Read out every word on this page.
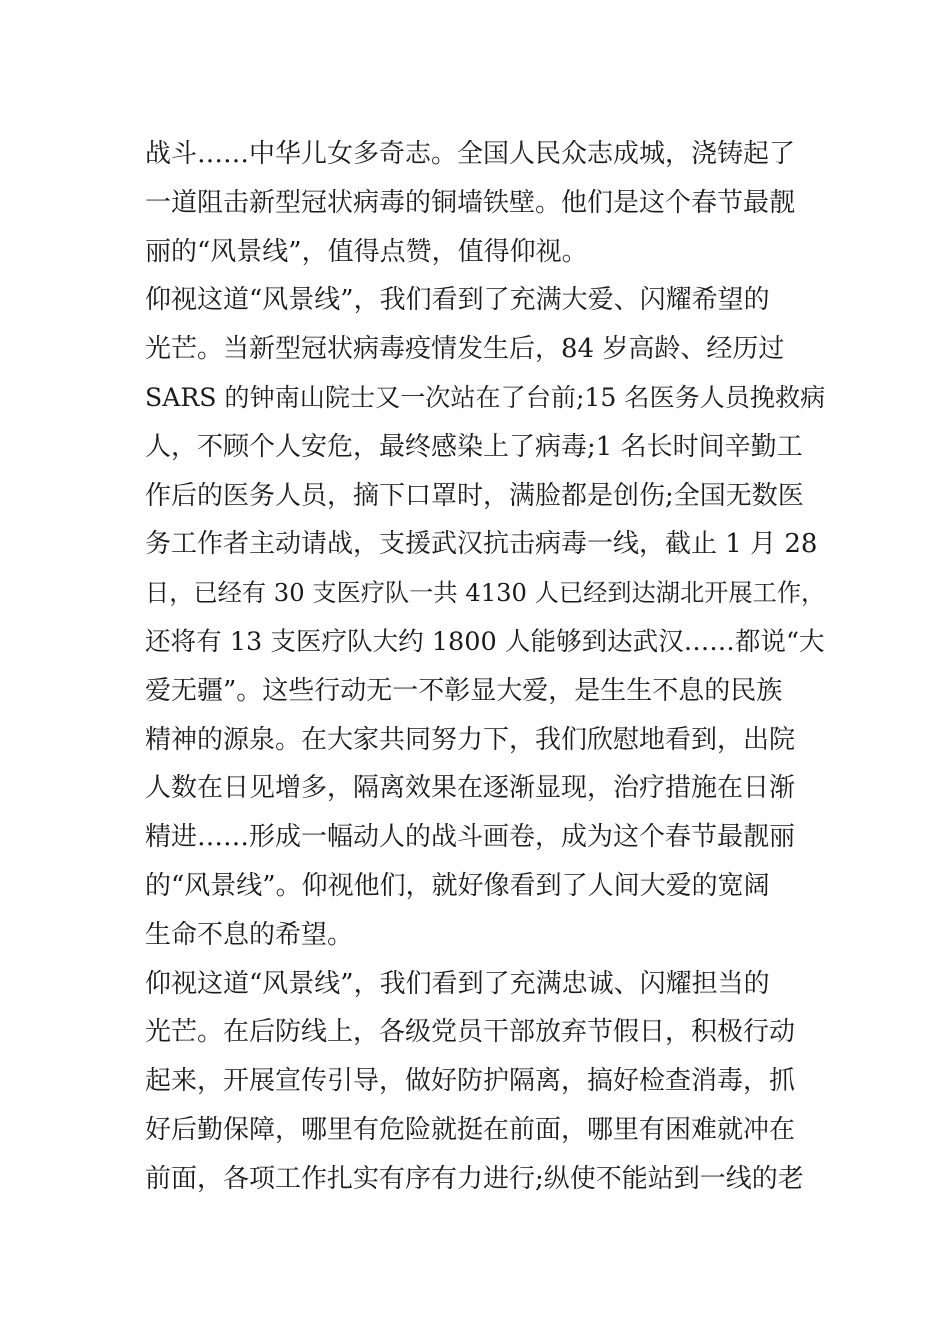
战斗……中华儿女多奇志。全国人民众志成城，浇铸起了
一道阻击新型冠状病毒的铜墙铁壁。他们是这个春节最靓
丽的“风景线”，值得点赞，值得仰视。
仰视这道“风景线”，我们看到了充满大爱、闪耀希望的
光芒。当新型冠状病毒疫情发生后，84 岁高龄、经历过
SARS 的钟南山院士又一次站在了台前;15 名医务人员挽救病
人，不顾个人安危，最终感染上了病毒;1 名长时间辛勤工
作后的医务人员，摘下口罩时，满脸都是创伤;全国无数医
务工作者主动请战，支援武汉抗击病毒一线，截止 1 月 28
日，已经有 30 支医疗队一共 4130 人已经到达湖北开展工作，
还将有 13 支医疗队大约 1800 人能够到达武汉……都说“大
爱无疆”。这些行动无一不彰显大爱，是生生不息的民族
精神的源泉。在大家共同努力下，我们欣慰地看到，出院
人数在日见增多，隔离效果在逐渐显现，治疗措施在日渐
精进……形成一幅动人的战斗画卷，成为这个春节最靓丽
的“风景线”。仰视他们，就好像看到了人间大爱的宽阔
生命不息的希望。
仰视这道“风景线”，我们看到了充满忠诚、闪耀担当的
光芒。在后防线上，各级党员干部放弃节假日，积极行动
起来，开展宣传引导，做好防护隔离，搞好检查消毒，抓
好后勤保障，哪里有危险就挺在前面，哪里有困难就冲在
前面，各项工作扎实有序有力进行;纵使不能站到一线的老
